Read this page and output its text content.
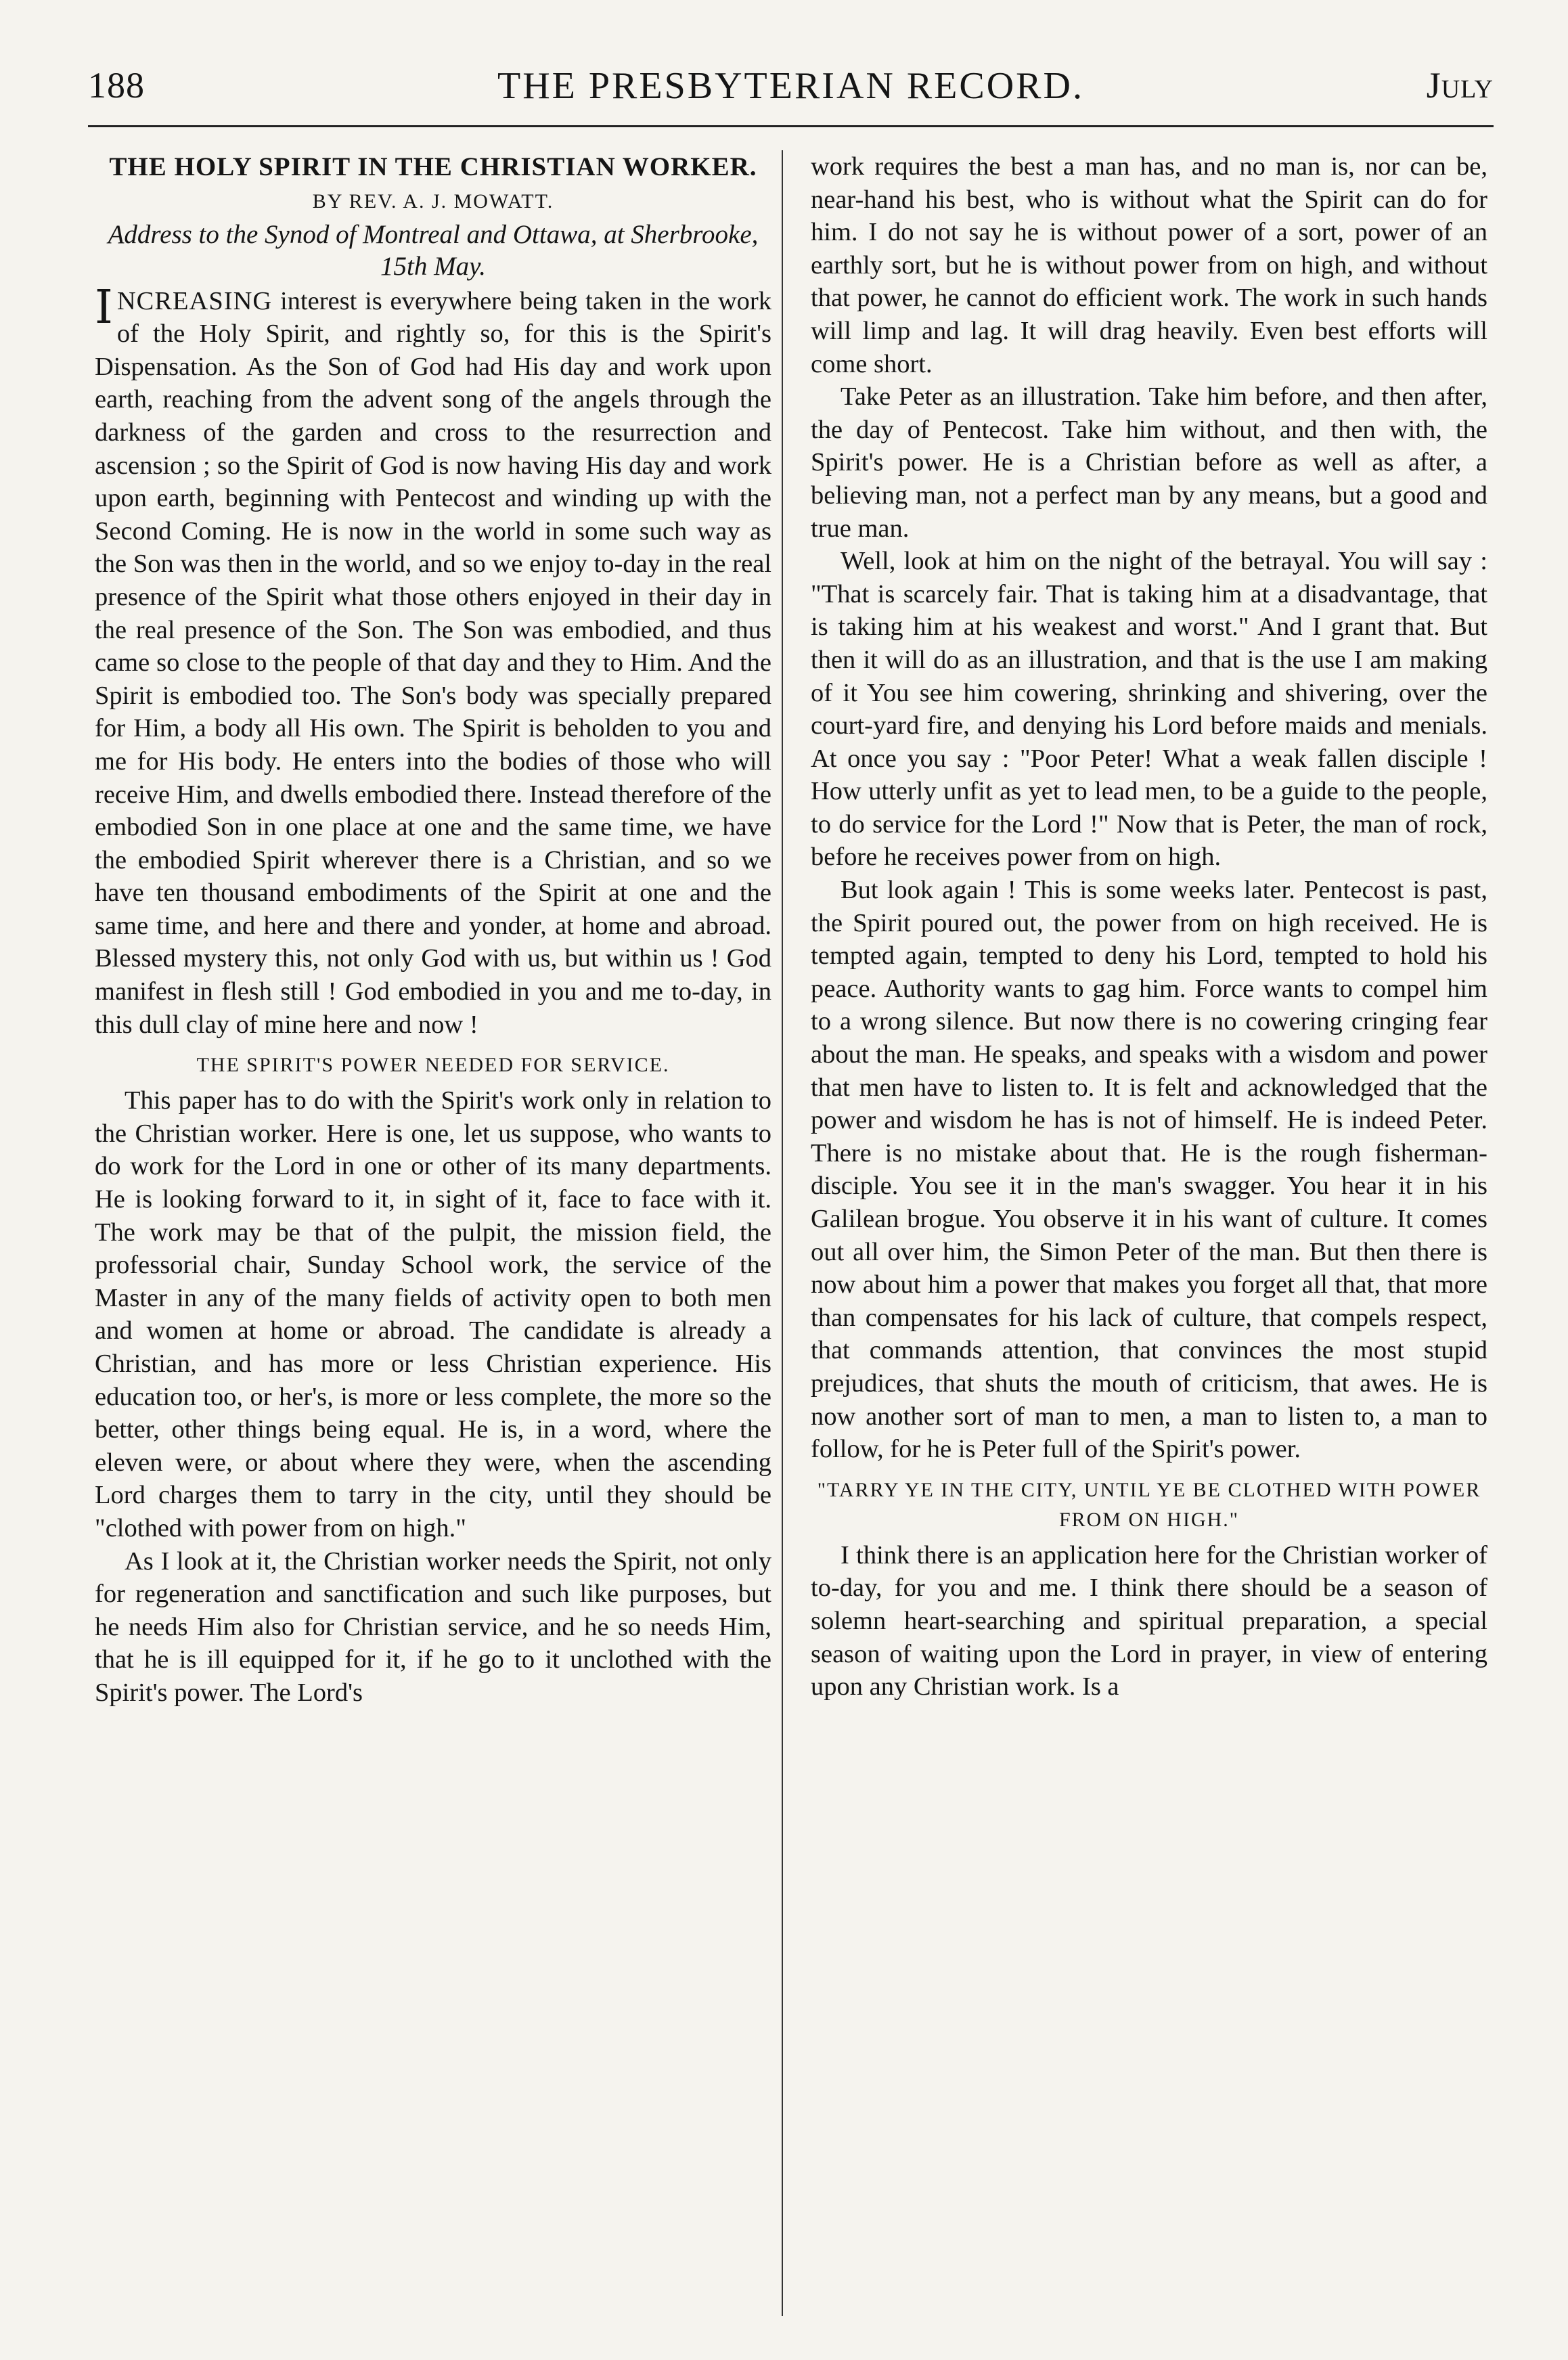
188	THE PRESBYTERIAN RECORD.	July
THE HOLY SPIRIT IN THE CHRISTIAN WORKER.
BY REV. A. J. MOWATT.
Address to the Synod of Montreal and Ottawa, at Sherbrooke, 15th May.

INCREASING interest is everywhere being taken in the work of the Holy Spirit, and rightly so, for this is the Spirit's Dispensation. As the Son of God had His day and work upon earth, reaching from the advent song of the angels through the darkness of the garden and cross to the resurrection and ascension ; so the Spirit of God is now having His day and work upon earth, beginning with Pentecost and winding up with the Second Coming. He is now in the world in some such way as the Son was then in the world, and so we enjoy to-day in the real presence of the Spirit what those others enjoyed in their day in the real presence of the Son. The Son was embodied, and thus came so close to the people of that day and they to Him. And the Spirit is embodied too. The Son's body was specially prepared for Him, a body all His own. The Spirit is beholden to you and me for His body. He enters into the bodies of those who will receive Him, and dwells embodied there. Instead therefore of the embodied Son in one place at one and the same time, we have the embodied Spirit wherever there is a Christian, and so we have ten thousand embodiments of the Spirit at one and the same time, and here and there and yonder, at home and abroad. Blessed mystery this, not only God with us, but within us ! God manifest in flesh still ! God embodied in you and me to-day, in this dull clay of mine here and now !

THE SPIRIT'S POWER NEEDED FOR SERVICE.

This paper has to do with the Spirit's work only in relation to the Christian worker. Here is one, let us suppose, who wants to do work for the Lord in one or other of its many departments. He is looking forward to it, in sight of it, face to face with it. The work may be that of the pulpit, the mission field, the professorial chair, Sunday School work, the service of the Master in any of the many fields of activity open to both men and women at home or abroad. The candidate is already a Christian, and has more or less Christian experience. His education too, or her's, is more or less complete, the more so the better, other things being equal. He is, in a word, where the eleven were, or about where they were, when the ascending Lord charges them to tarry in the city, until they should be "clothed with power from on high."

As I look at it, the Christian worker needs the Spirit, not only for regeneration and sanctification and such like purposes, but he needs Him also for Christian service, and he so needs Him, that he is ill equipped for it, if he go to it unclothed with the Spirit's power. The Lord's

work requires the best a man has, and no man is, nor can be, near-hand his best, who is without what the Spirit can do for him. I do not say he is without power of a sort, power of an earthly sort, but he is without power from on high, and without that power, he cannot do efficient work. The work in such hands will limp and lag. It will drag heavily. Even best efforts will come short.

Take Peter as an illustration. Take him before, and then after, the day of Pentecost. Take him without, and then with, the Spirit's power. He is a Christian before as well as after, a believing man, not a perfect man by any means, but a good and true man.

Well, look at him on the night of the betrayal. You will say : "That is scarcely fair. That is taking him at a disadvantage, that is taking him at his weakest and worst." And I grant that. But then it will do as an illustration, and that is the use I am making of it You see him cowering, shrinking and shivering, over the court-yard fire, and denying his Lord before maids and menials. At once you say : "Poor Peter! What a weak fallen disciple ! How utterly unfit as yet to lead men, to be a guide to the people, to do service for the Lord !" Now that is Peter, the man of rock, before he receives power from on high.

But look again ! This is some weeks later. Pentecost is past, the Spirit poured out, the power from on high received. He is tempted again, tempted to deny his Lord, tempted to hold his peace. Authority wants to gag him. Force wants to compel him to a wrong silence. But now there is no cowering cringing fear about the man. He speaks, and speaks with a wisdom and power that men have to listen to. It is felt and acknowledged that the power and wisdom he has is not of himself. He is indeed Peter. There is no mistake about that. He is the rough fisherman-disciple. You see it in the man's swagger. You hear it in his Galilean brogue. You observe it in his want of culture. It comes out all over him, the Simon Peter of the man. But then there is now about him a power that makes you forget all that, that more than compensates for his lack of culture, that compels respect, that commands attention, that convinces the most stupid prejudices, that shuts the mouth of criticism, that awes. He is now another sort of man to men, a man to listen to, a man to follow, for he is Peter full of the Spirit's power.

"TARRY YE IN THE CITY, UNTIL YE BE CLOTHED WITH POWER FROM ON HIGH."

I think there is an application here for the Christian worker of to-day, for you and me. I think there should be a season of solemn heart-searching and spiritual preparation, a special season of waiting upon the Lord in prayer, in view of entering upon any Christian work. Is a
